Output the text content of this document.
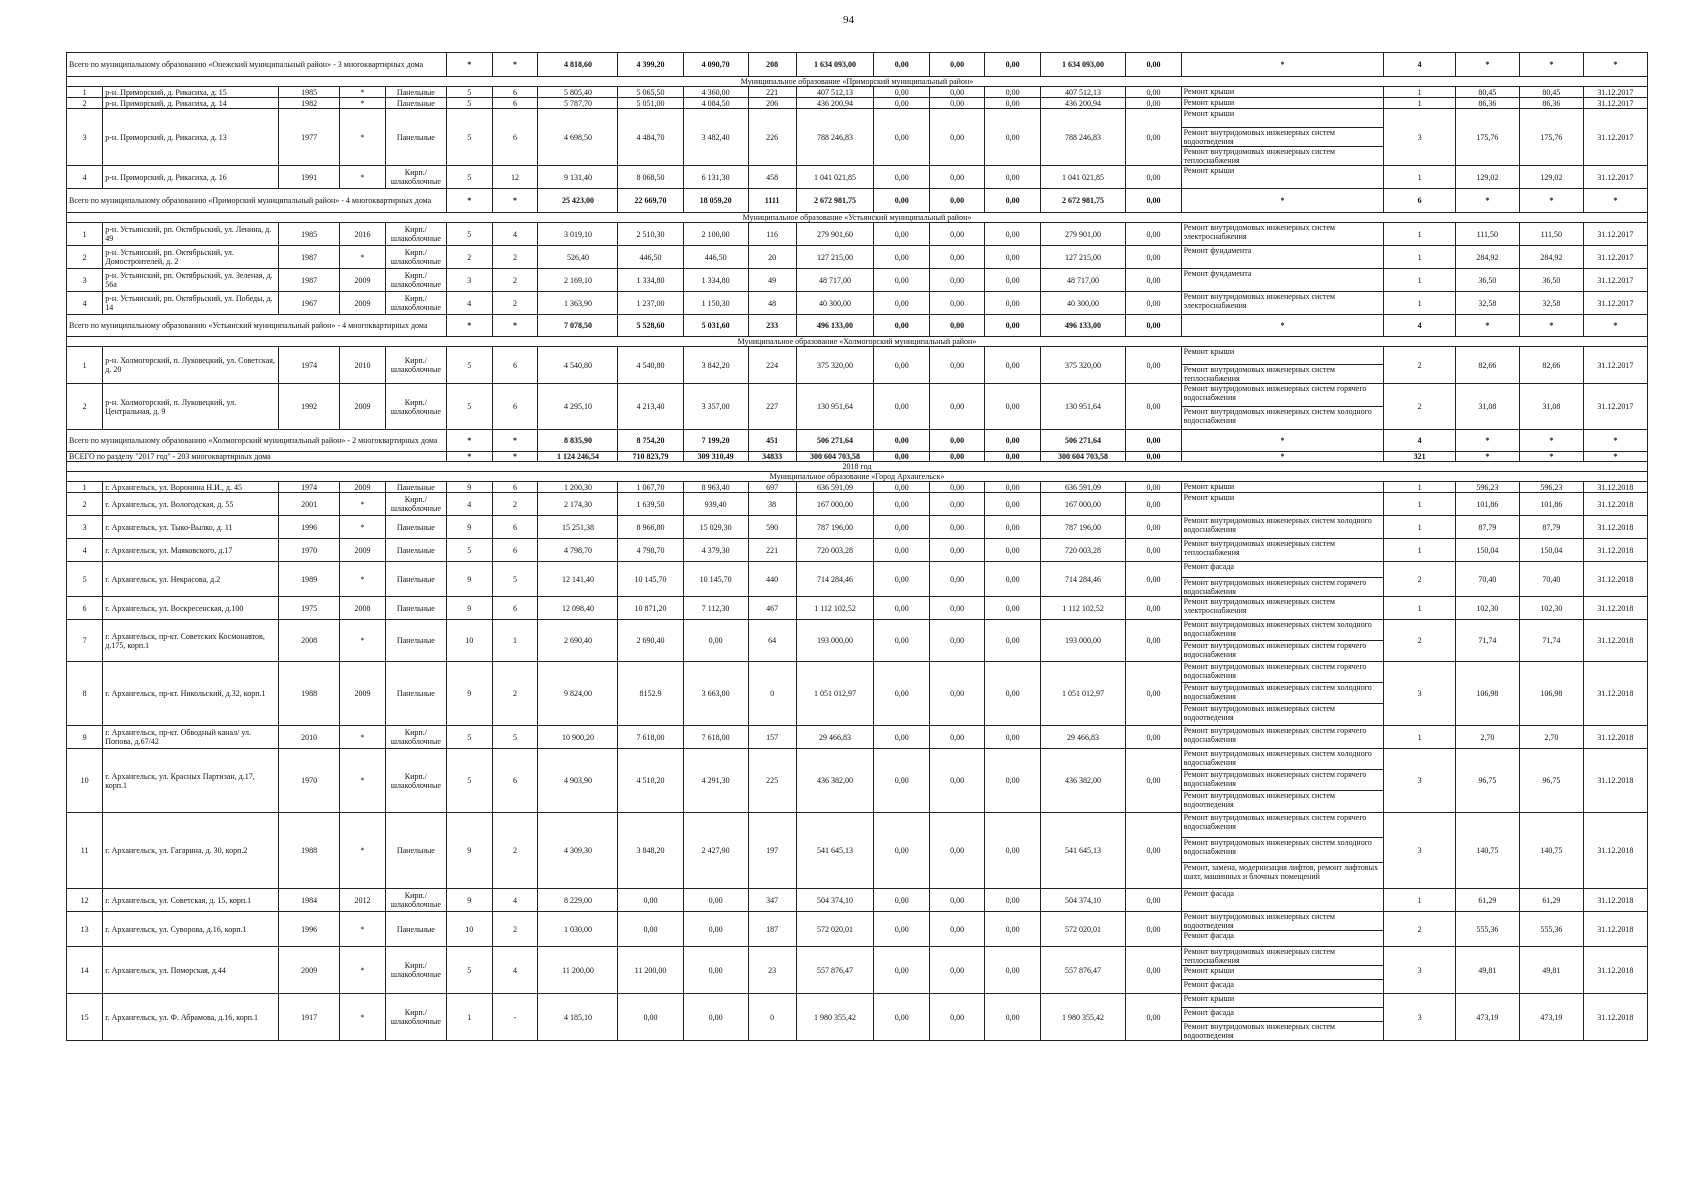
94
Всего по муниципальному образованию «Онежский муниципальный район» - 3 многоквартирных дома					*	*	4 818,60	4 399,20	4 090,70	208	1 634 093,00	0,00	0,00	0,00	1 634 093,00	0,00	*	4	*	*	*
Муниципальное образование «Приморский муниципальный район»																					
1	р-н. Приморский, д. Рикасиха, д. 15	1985	*	Панельные	5	6	5 805,40	5 065,50	4 360,00	221	407 512,13	0,00	0,00	0,00	407 512,13	0,00	Ремонт крыши	1	80,45	80,45	31.12.2017
2	р-н. Приморский, д. Рикасиха, д. 14	1982	*	Панельные	5	6	5 787,70	5 051,00	4 084,50	206	436 200,94	0,00	0,00	0,00	436 200,94	0,00	Ремонт крыши	1	86,36	86,36	31.12.2017
3	р-н. Приморский, д. Рикасиха, д. 13	1977	*	Панельные	5	6	4 698,50	4 484,70	3 482,40	226	788 246,83	0,00	0,00	0,00	788 246,83	0,00	Ремонт крыши
Ремонт внутридомовых инженерных систем водоотведения
Ремонт внутридомовых инженерных систем теплоснабжения	3	175,76	175,76	31.12.2017
4	р-н. Приморский, д. Рикасиха, д. 16	1991	*	Кирп./шлакоблочные	5	12	9 131,40	8 068,50	6 131,30	458	1 041 021,85	0,00	0,00	0,00	1 041 021,85	0,00	Ремонт крыши	1	129,02	129,02	31.12.2017
Всего по муниципальному образованию «Приморский муниципальный район» - 4 многоквартирных дома					*	*	25 423,00	22 669,70	18 059,20	1111	2 672 981,75	0,00	0,00	0,00	2 672 981,75	0,00	*	6	*	*	*
Муниципальное образование «Устьянский муниципальный район»																					
1	р-н. Устьянский, рп. Октябрьский, ул. Ленина, д. 49	1985	2016	Кирп./шлакоблочные	5	4	3 019,10	2 510,30	2 100,00	116	279 901,60	0,00	0,00	0,00	279 901,00	0,00	Ремонт внутридомовых инженерных систем электроснабжения	1	111,50	111,50	31.12.2017
2	р-н. Устьянский, рп. Октябрьский, ул. Домостроителей, д. 2	1987	*	Кирп./шлакоблочные	2	2	526,40	446,50	446,50	20	127 215,00	0,00	0,00	0,00	127 215,00	0,00	Ремонт фундамента	1	284,92	284,92	31.12.2017
3	р-н. Устьянский, рп. Октябрьский, ул. Зеленая, д. 56а	1987	2009	Кирп./шлакоблочные	3	2	2 169,10	1 334,80	1 334,80	49	48 717,00	0,00	0,00	0,00	48 717,00	0,00	Ремонт фундамента	1	36,50	36,50	31.12.2017
4	р-н. Устьянский, рп. Октябрьский, ул. Победы, д. 14	1967	2009	Кирп./шлакоблочные	4	2	1 363,90	1 237,00	1 150,30	48	40 300,00	0,00	0,00	0,00	40 300,00	0,00	Ремонт внутридомовых инженерных систем электроснабжения	1	32,58	32,58	31.12.2017
Всего по муниципальному образованию «Устьянский муниципальный район» - 4 многоквартирных дома					*	*	7 078,50	5 528,60	5 031,60	233	496 133,00	0,00	0,00	0,00	496 133,00	0,00	*	4	*	*	*
Муниципальное образование «Холмогорский муниципальный район»																					
1	р-н. Холмогорский, п. Луковецкий, ул. Советская, д. 20	1974	2010	Кирп./шлакоблочные	5	6	4 540,80	4 540,80	3 842,20	224	375 320,00	0,00	0,00	0,00	375 320,00	0,00	Ремонт крыши
Ремонт внутридомовых инженерных систем теплоснабжения	2	82,66	82,66	31.12.2017
2	р-н. Холмогорский, п. Луковецкий, ул. Центральная, д. 9	1992	2009	Кирп./шлакоблочные	5	6	4 295,10	4 213,40	3 357,00	227	130 951,64	0,00	0,00	0,00	130 951,64	0,00	Ремонт внутридомовых инженерных систем горячего водоснабжения
Ремонт внутридомовых инженерных систем холодного водоснабжения	2	31,08	31,08	31.12.2017
Всего по муниципальному образованию «Холмогорский муниципальный район» - 2 многоквартирных дома					*	*	8 835,90	8 754,20	7 199,20	451	506 271,64	0,00	0,00	0,00	506 271,64	0,00	*	4	*	*	*
ВСЕГО по разделу "2017 год" - 203 многоквартирных дома					*	*	1 124 246,54	710 823,79	309 310,49	34833	300 604 703,58	0,00	0,00	0,00	300 604 703,58	0,00	*	321	*	*	*
2018 год																					
Муниципальное образование «Город Архангельск»																					
1	г. Архангельск, ул. Воронина Н.И., д. 45	1974	2009	Панельные	9	6	1 200,30	1 067,70	8 963,40	697	636 591,09	0,00	0,00	0,00	636 591,09	0,00	Ремонт крыши	1	596,23	596,23	31.12.2018
2	г. Архангельск, ул. Вологодская, д. 55	2001	*	Кирп./шлакоблочные	4	2	2 174,30	1 639,50	939,40	38	167 000,00	0,00	0,00	0,00	167 000,00	0,00	Ремонт крыши	1	101,86	101,86	31.12.2018
3	г. Архангельск, ул. Тыко-Вылко, д. 11	1996	*	Панельные	9	6	15 251,38	8 966,80	15 029,30	590	787 196,00	0,00	0,00	0,00	787 196,00	0,00	Ремонт внутридомовых инженерных систем холодного водоснабжения	1	87,79	87,79	31.12.2018
4	г. Архангельск, ул. Маяковского, д.17	1970	2009	Панельные	5	6	4 798,70	4 798,70	4 379,30	221	720 003,28	0,00	0,00	0,00	720 003,28	0,00	Ремонт внутридомовых инженерных систем теплоснабжения	1	150,04	150,04	31.12.2018
5	г. Архангельск, ул. Некрасова, д.2	1989	*	Панельные	9	5	12 141,40	10 145,70	10 145,70	440	714 284,46	0,00	0,00	0,00	714 284,46	0,00	Ремонт фасада
Ремонт внутридомовых инженерных систем горячего водоснабжения	2	70,40	70,40	31.12.2018
6	г. Архангельск, ул. Воскресенская, д.100	1975	2008	Панельные	9	6	12 098,40	10 871,20	7 112,30	467	1 112 102,52	0,00	0,00	0,00	1 112 102,52	0,00	Ремонт внутридомовых инженерных систем электроснабжения	1	102,30	102,30	31.12.2018
7	г. Архангельск, пр-кт. Советских Космонавтов, д.175, корп.1	2008	*	Панельные	10	1	2 690,40	2 690,40	0,00	64	193 000,00	0,00	0,00	0,00	193 000,00	0,00	Ремонт внутридомовых инженерных систем холодного водоснабжения
Ремонт внутридомовых инженерных систем горячего водоснабжения	2	71,74	71,74	31.12.2018
8	г. Архангельск, пр-кт. Никольский, д.32, корп.1	1988	2009	Панельные	9	2	9 824,00	8152.9	3 663,00	0	1 051 012,97	0,00	0,00	0,00	1 051 012,97	0,00	Ремонт внутридомовых инженерных систем горячего водоснабжения
Ремонт внутридомовых инженерных систем холодного водоснабжения
Ремонт внутридомовых инженерных систем водоотведения	3	106,98	106,98	31.12.2018
9	г. Архангельск, пр-кт. Обводный канал/ ул. Попова, д.67/42	2010	*	Кирп./шлакоблочные	5	5	10 900,20	7 618,00	7 618,00	157	29 466,83	0,00	0,00	0,00	29 466,83	0,00	Ремонт внутридомовых инженерных систем горячего водоснабжения	1	2,70	2,70	31.12.2018
10	г. Архангельск, ул. Красных Партизан, д.17, корп.1	1970	*	Кирп./шлакоблочные	5	6	4 903,90	4 510,20	4 291,30	225	436 382,00	0,00	0,00	0,00	436 382,00	0,00	Ремонт внутридомовых инженерных систем холодного водоснабжения
Ремонт внутридомовых инженерных систем горячего водоснабжения
Ремонт внутридомовых инженерных систем водоотведения	3	96,75	96,75	31.12.2018
11	г. Архангельск, ул. Гагарина, д. 30, корп.2	1988	*	Панельные	9	2	4 309,30	3 848,20	2 427,90	197	541 645,13	0,00	0,00	0,00	541 645,13	0,00	Ремонт внутридомовых инженерных систем горячего водоснабжения
Ремонт внутридомовых инженерных систем холодного водоснабжения
Ремонт, замена, модернизация лифтов, ремонт лифтовых шахт, машинных и блочных помещений	3	140,75	140,75	31.12.2018
12	г. Архангельск, ул. Советская, д. 15, корп.1	1984	2012	Кирп./шлакоблочные	9	4	8 229,00	0,00	0,00	347	504 374,10	0,00	0,00	0,00	504 374,10	0,00	Ремонт фасада	1	61,29	61,29	31.12.2018
13	г. Архангельск, ул. Суворова, д.16, корп.1	1996	*	Панельные	10	2	1 030,00	0,00	0,00	187	572 020,01	0,00	0,00	0,00	572 020,01	0,00	Ремонт внутридомовых инженерных систем водоотведения
Ремонт фасада	2	555,36	555,36	31.12.2018
14	г. Архангельск, ул. Поморская, д.44	2009	*	Кирп./шлакоблочные	5	4	11 200,00	11 200,00	0,00	23	557 876,47	0,00	0,00	0,00	557 876,47	0,00	Ремонт внутридомовых инженерных систем теплоснабжения
Ремонт крыши
Ремонт фасада	3	49,81	49,81	31.12.2018
15	г. Архангельск, ул. Ф. Абрамова, д.16, корп.1	1917	*	Кирп./шлакоблочные	1	-	4 185,10	0,00	0,00	0	1 980 355,42	0,00	0,00	0,00	1 980 355,42	0,00	Ремонт крыши
Ремонт фасада
Ремонт внутридомовых инженерных систем водоотведения	3	473,19	473,19	31.12.2018
